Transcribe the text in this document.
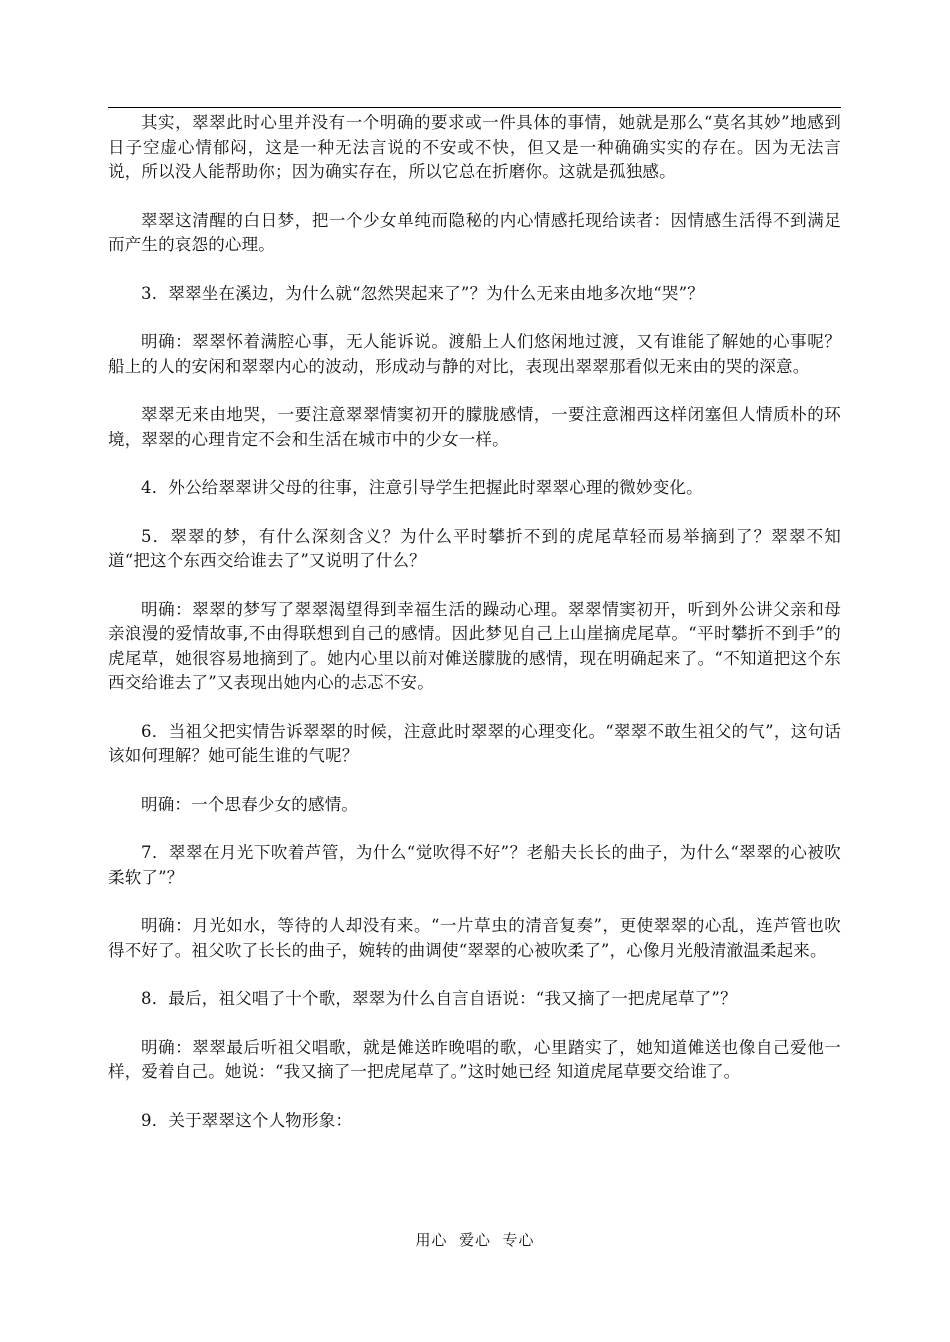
其实，翠翠此时心里并没有一个明确的要求或一件具体的事情，她就是那么“莫名其妙”地感到日子空虚心情郁闷，这是一种无法言说的不安或不快，但又是一种确确实实的存在。因为无法言说，所以没人能帮助你；因为确实存在，所以它总在折磨你。这就是孤独感。

翠翠这清醒的白日梦，把一个少女单纯而隐秘的内心情感托现给读者：因情感生活得不到满足而产生的哀怨的心理。

3．翠翠坐在溪边，为什么就“忽然哭起来了”？为什么无来由地多次地“哭”？

明确：翠翠怀着满腔心事，无人能诉说。渡船上人们悠闲地过渡，又有谁能了解她的心事呢？船上的人的安闲和翠翠内心的波动，形成动与静的对比，表现出翠翠那看似无来由的哭的深意。

翠翠无来由地哭，一要注意翠翠情窦初开的朦胧感情，一要注意湘西这样闭塞但人情质朴的环境，翠翠的心理肯定不会和生活在城市中的少女一样。

4．外公给翠翠讲父母的往事，注意引导学生把握此时翠翠心理的微妙变化。

5．翠翠的梦，有什么深刻含义？为什么平时攀折不到的虎尾草轻而易举摘到了？翠翠不知道“把这个东西交给谁去了”又说明了什么？

明确：翠翠的梦写了翠翠渴望得到幸福生活的躁动心理。翠翠情窦初开，听到外公讲父亲和母亲浪漫的爱情故事,不由得联想到自己的感情。因此梦见自己上山崖摘虎尾草。“平时攀折不到手”的虎尾草，她很容易地摘到了。她内心里以前对傩送朦胧的感情，现在明确起来了。“不知道把这个东西交给谁去了”又表现出她内心的忐忑不安。

6．当祖父把实情告诉翠翠的时候，注意此时翠翠的心理变化。“翠翠不敢生祖父的气”，这句话该如何理解？她可能生谁的气呢？

明确：一个思春少女的感情。

7．翠翠在月光下吹着芦管，为什么“觉吹得不好”？老船夫长长的曲子，为什么“翠翠的心被吹柔软了”？

明确：月光如水，等待的人却没有来。“一片草虫的清音复奏”，更使翠翠的心乱，连芦管也吹得不好了。祖父吹了长长的曲子，婉转的曲调使“翠翠的心被吹柔了”，心像月光般清澈温柔起来。

8．最后，祖父唱了十个歌，翠翠为什么自言自语说：“我又摘了一把虎尾草了”？

明确：翠翠最后听祖父唱歌，就是傩送昨晚唱的歌，心里踏实了，她知道傩送也像自己爱他一样，爱着自己。她说：“我又摘了一把虎尾草了。”这时她已经 知道虎尾草要交给谁了。

9．关于翠翠这个人物形象：

用心  爱心  专心
